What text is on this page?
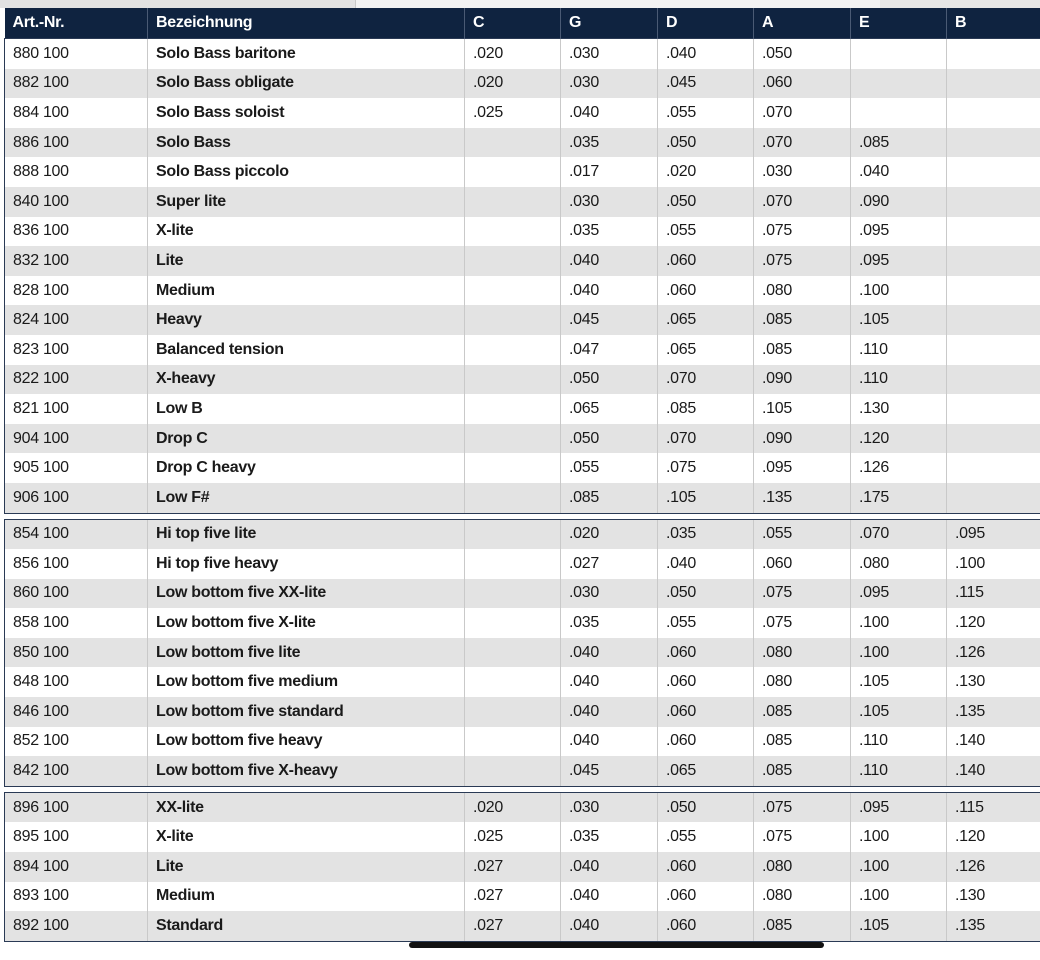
Art.-Nr.	Bezeichnung	C	G	D	A	E	B
880 100	Solo Bass baritone	.020	.030	.040	.050		
882 100	Solo Bass obligate	.020	.030	.045	.060		
884 100	Solo Bass soloist	.025	.040	.055	.070		
886 100	Solo Bass		.035	.050	.070	.085	
888 100	Solo Bass piccolo		.017	.020	.030	.040	
840 100	Super lite		.030	.050	.070	.090	
836 100	X-lite		.035	.055	.075	.095	
832 100	Lite		.040	.060	.075	.095	
828 100	Medium		.040	.060	.080	.100	
824 100	Heavy		.045	.065	.085	.105	
823 100	Balanced tension		.047	.065	.085	.110	
822 100	X-heavy		.050	.070	.090	.110	
821 100	Low B		.065	.085	.105	.130	
904 100	Drop C		.050	.070	.090	.120	
905 100	Drop C heavy		.055	.075	.095	.126	
906 100	Low F#		.085	.105	.135	.175	

854 100	Hi top five lite		.020	.035	.055	.070	.095
856 100	Hi top five heavy		.027	.040	.060	.080	.100
860 100	Low bottom five XX-lite		.030	.050	.075	.095	.115
858 100	Low bottom five X-lite		.035	.055	.075	.100	.120
850 100	Low bottom five lite		.040	.060	.080	.100	.126
848 100	Low bottom five medium		.040	.060	.080	.105	.130
846 100	Low bottom five standard		.040	.060	.085	.105	.135
852 100	Low bottom five heavy		.040	.060	.085	.110	.140
842 100	Low bottom five X-heavy		.045	.065	.085	.110	.140

896 100	XX-lite	.020	.030	.050	.075	.095	.115
895 100	X-lite	.025	.035	.055	.075	.100	.120
894 100	Lite	.027	.040	.060	.080	.100	.126
893 100	Medium	.027	.040	.060	.080	.100	.130
892 100	Standard	.027	.040	.060	.085	.105	.135
